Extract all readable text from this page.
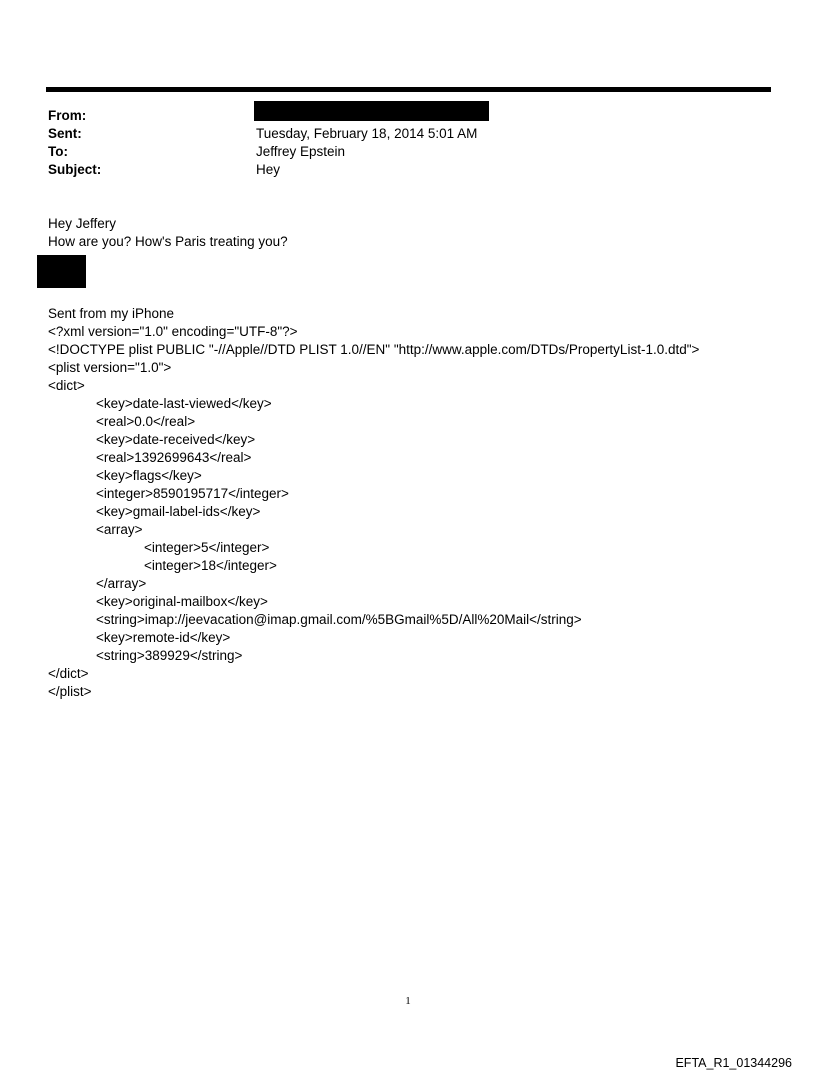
From:
Sent:	Tuesday, February 18, 2014 5:01 AM
To:	Jeffrey Epstein
Subject:	Hey
Hey Jeffery
How are you? How's Paris treating you?
Sent from my iPhone
<?xml version="1.0" encoding="UTF-8"?>
<!DOCTYPE plist PUBLIC "-//Apple//DTD PLIST 1.0//EN" "http://www.apple.com/DTDs/PropertyList-1.0.dtd">
<plist version="1.0">
<dict>
<key>date-last-viewed</key>
<real>0.0</real>
<key>date-received</key>
<real>1392699643</real>
<key>flags</key>
<integer>8590195717</integer>
<key>gmail-label-ids</key>
<array>
<integer>5</integer>
<integer>18</integer>
</array>
<key>original-mailbox</key>
<string>imap://jeevacation@imap.gmail.com/%5BGmail%5D/All%20Mail</string>
<key>remote-id</key>
<string>389929</string>
</dict>
</plist>
1
EFTA_R1_01344296
